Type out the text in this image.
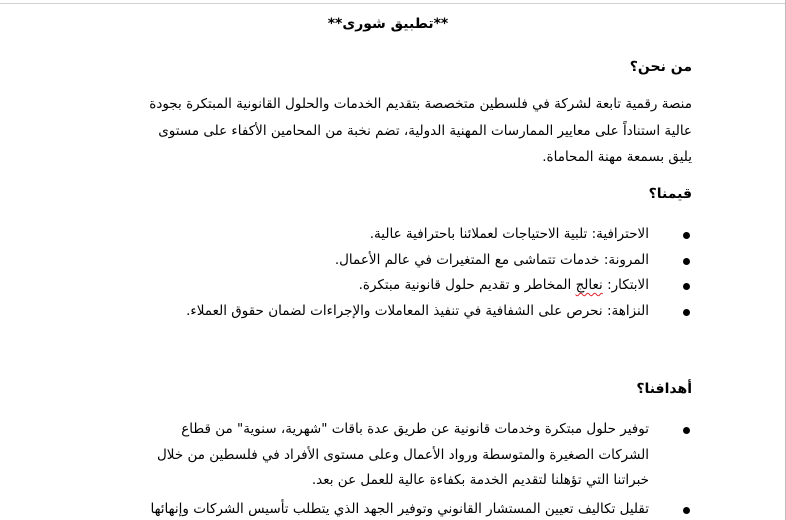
**تطبيق شورى**
من نحن؟
منصة رقمية تابعة لشركة في فلسطين متخصصة بتقديم الخدمات والحلول القانونية المبتكرة بجودة
عالية استناداً على معايير الممارسات المهنية الدولية، تضم نخبة من المحامين الأكفاء على مستوى
يليق بسمعة مهنة المحاماة.
قيمنا؟
الاحترافية: تلبية الاحتياجات لعملائنا باحترافية عالية.
المرونة: خدمات تتماشى مع المتغيرات في عالم الأعمال.
الابتكار: نعالج المخاطر و تقديم حلول قانونية مبتكرة.
النزاهة: نحرص على الشفافية في تنفيذ المعاملات والإجراءات لضمان حقوق العملاء.
أهدافنا؟
توفير حلول مبتكرة وخدمات قانونية عن طريق عدة باقات "شهرية، سنوية" من قطاع
الشركات الصغيرة والمتوسطة ورواد الأعمال وعلى مستوى الأفراد في فلسطين من خلال
خبراتنا التي تؤهلنا لتقديم الخدمة بكفاءة عالية للعمل عن بعد.
تقليل تكاليف تعيين المستشار القانوني وتوفير الجهد الذي يتطلب تأسيس الشركات وإنهائها
